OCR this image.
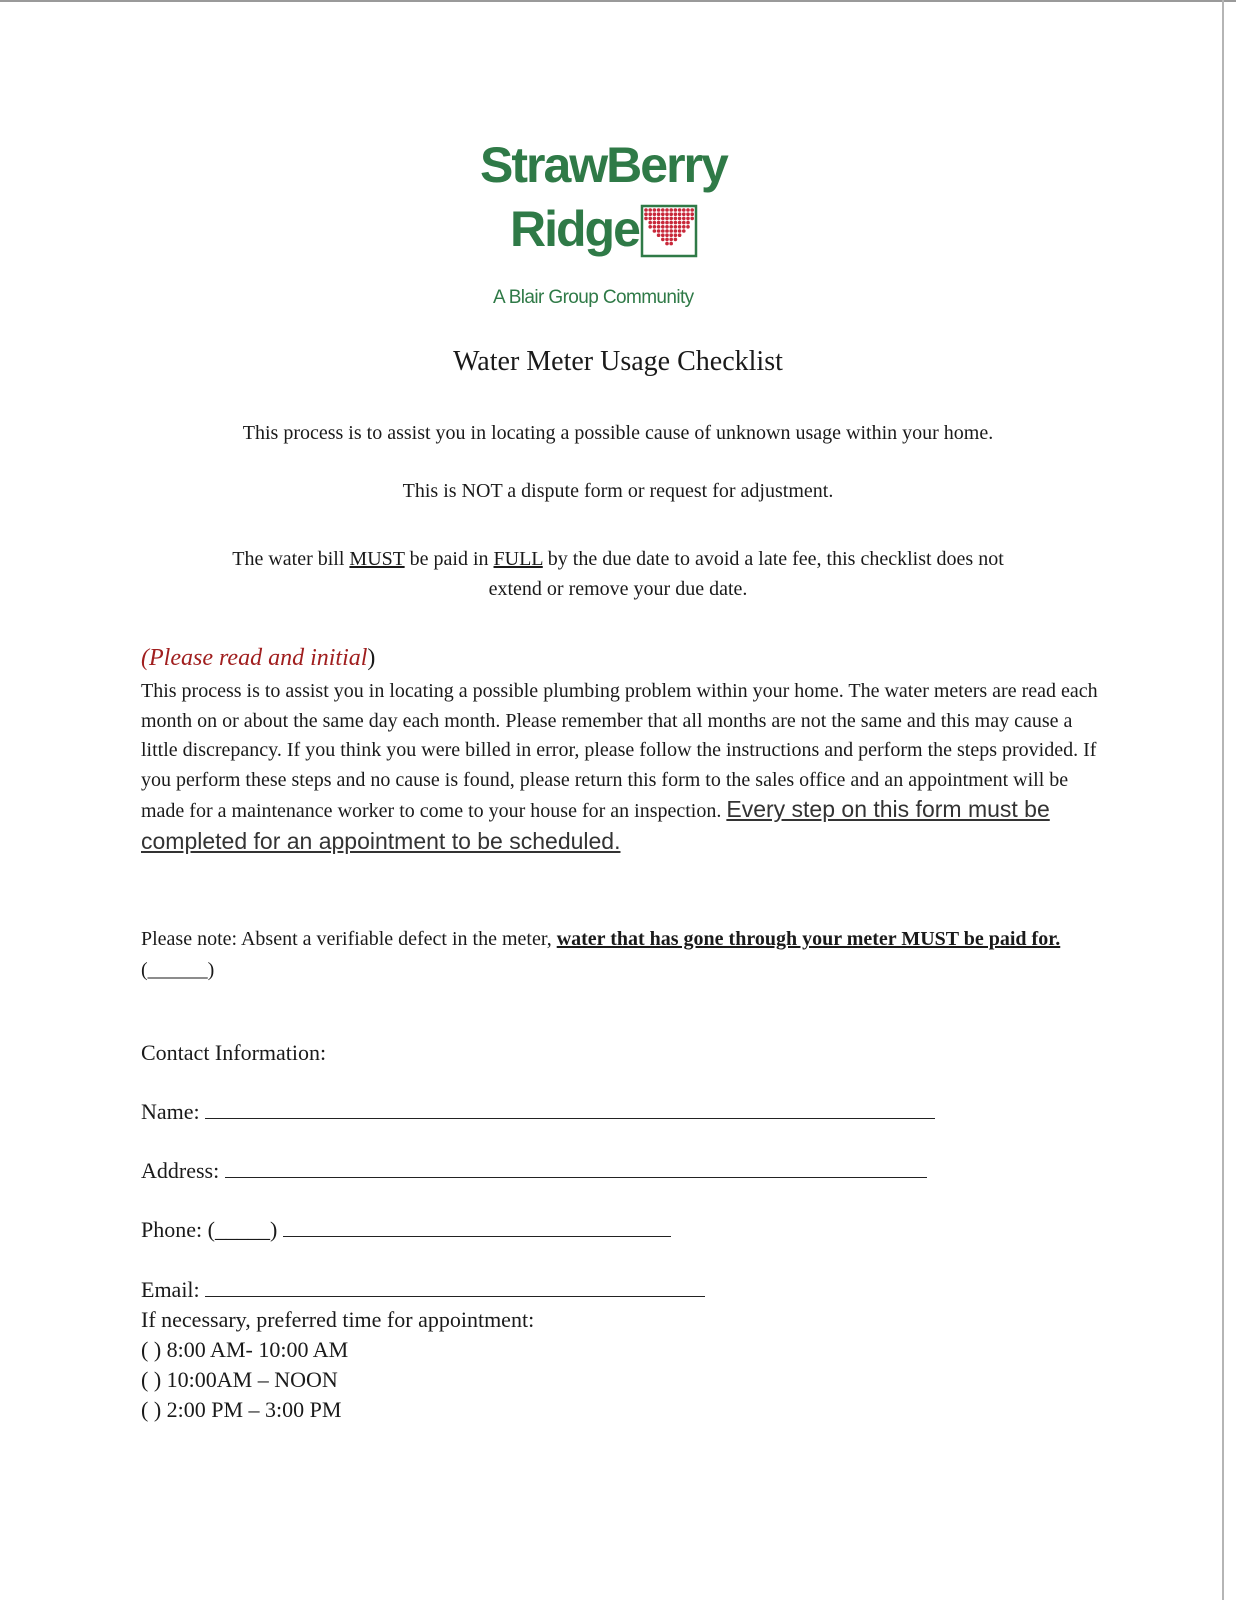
StrawBerry
Ridge
A Blair Group Community
Water Meter Usage Checklist
This process is to assist you in locating a possible cause of unknown usage within your home.
This is NOT a dispute form or request for adjustment.
The water bill MUST be paid in FULL by the due date to avoid a late fee, this checklist does not
extend or remove your due date.
(Please read and initial)
This process is to assist you in locating a possible plumbing problem within your home. The water meters are read each month on or about the same day each month. Please remember that all months are not the same and this may cause a little discrepancy. If you think you were billed in error, please follow the instructions and perform the steps provided. If you perform these steps and no cause is found, please return this form to the sales office and an appointment will be made for a maintenance worker to come to your house for an inspection. Every step on this form must be completed for an appointment to be scheduled.
Please note: Absent a verifiable defect in the meter, water that has gone through your meter MUST be paid for. (______)
Contact Information:
Name:
Address:
Phone: (_____)
Email:
If necessary, preferred time for appointment:
( ) 8:00 AM- 10:00 AM
( ) 10:00AM – NOON
( ) 2:00 PM – 3:00 PM
